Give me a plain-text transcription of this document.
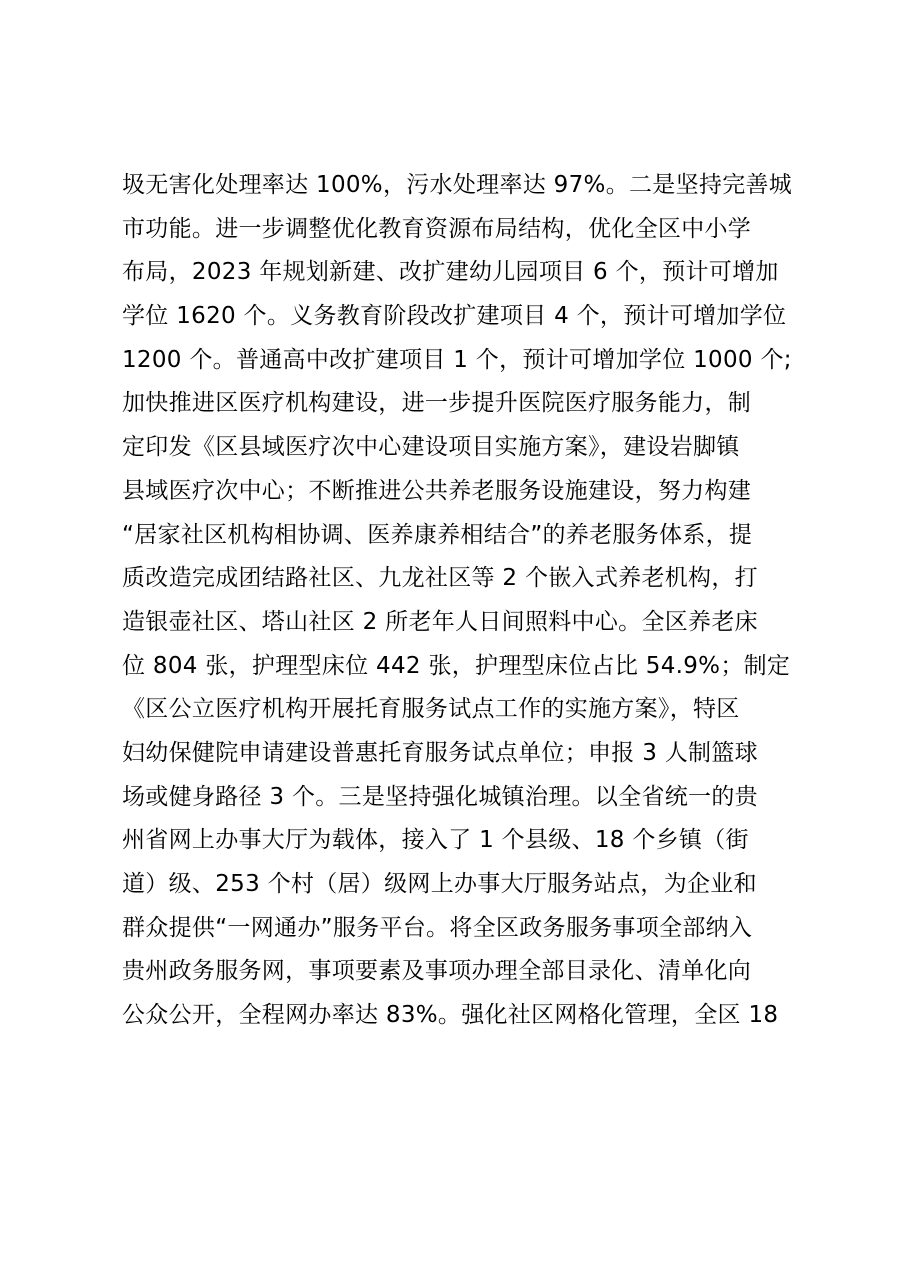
圾无害化处理率达 100%，污水处理率达 97%。二是坚持完善城
市功能。进一步调整优化教育资源布局结构，优化全区中小学
布局，2023 年规划新建、改扩建幼儿园项目 6 个，预计可增加
学位 1620 个。义务教育阶段改扩建项目 4 个，预计可增加学位
1200 个。普通高中改扩建项目 1 个，预计可增加学位 1000 个;
加快推进区医疗机构建设，进一步提升医院医疗服务能力，制
定印发《区县域医疗次中心建设项目实施方案》，建设岩脚镇
县域医疗次中心；不断推进公共养老服务设施建设，努力构建
“居家社区机构相协调、医养康养相结合”的养老服务体系，提
质改造完成团结路社区、九龙社区等 2 个嵌入式养老机构，打
造银壶社区、塔山社区 2 所老年人日间照料中心。全区养老床
位 804 张，护理型床位 442 张，护理型床位占比 54.9%；制定
《区公立医疗机构开展托育服务试点工作的实施方案》，特区
妇幼保健院申请建设普惠托育服务试点单位；申报 3 人制篮球
场或健身路径 3 个。三是坚持强化城镇治理。以全省统一的贵
州省网上办事大厅为载体，接入了 1 个县级、18 个乡镇（街
道）级、253 个村（居）级网上办事大厅服务站点，为企业和
群众提供“一网通办”服务平台。将全区政务服务事项全部纳入
贵州政务服务网，事项要素及事项办理全部目录化、清单化向
公众公开，全程网办率达 83%。强化社区网格化管理，全区 18
